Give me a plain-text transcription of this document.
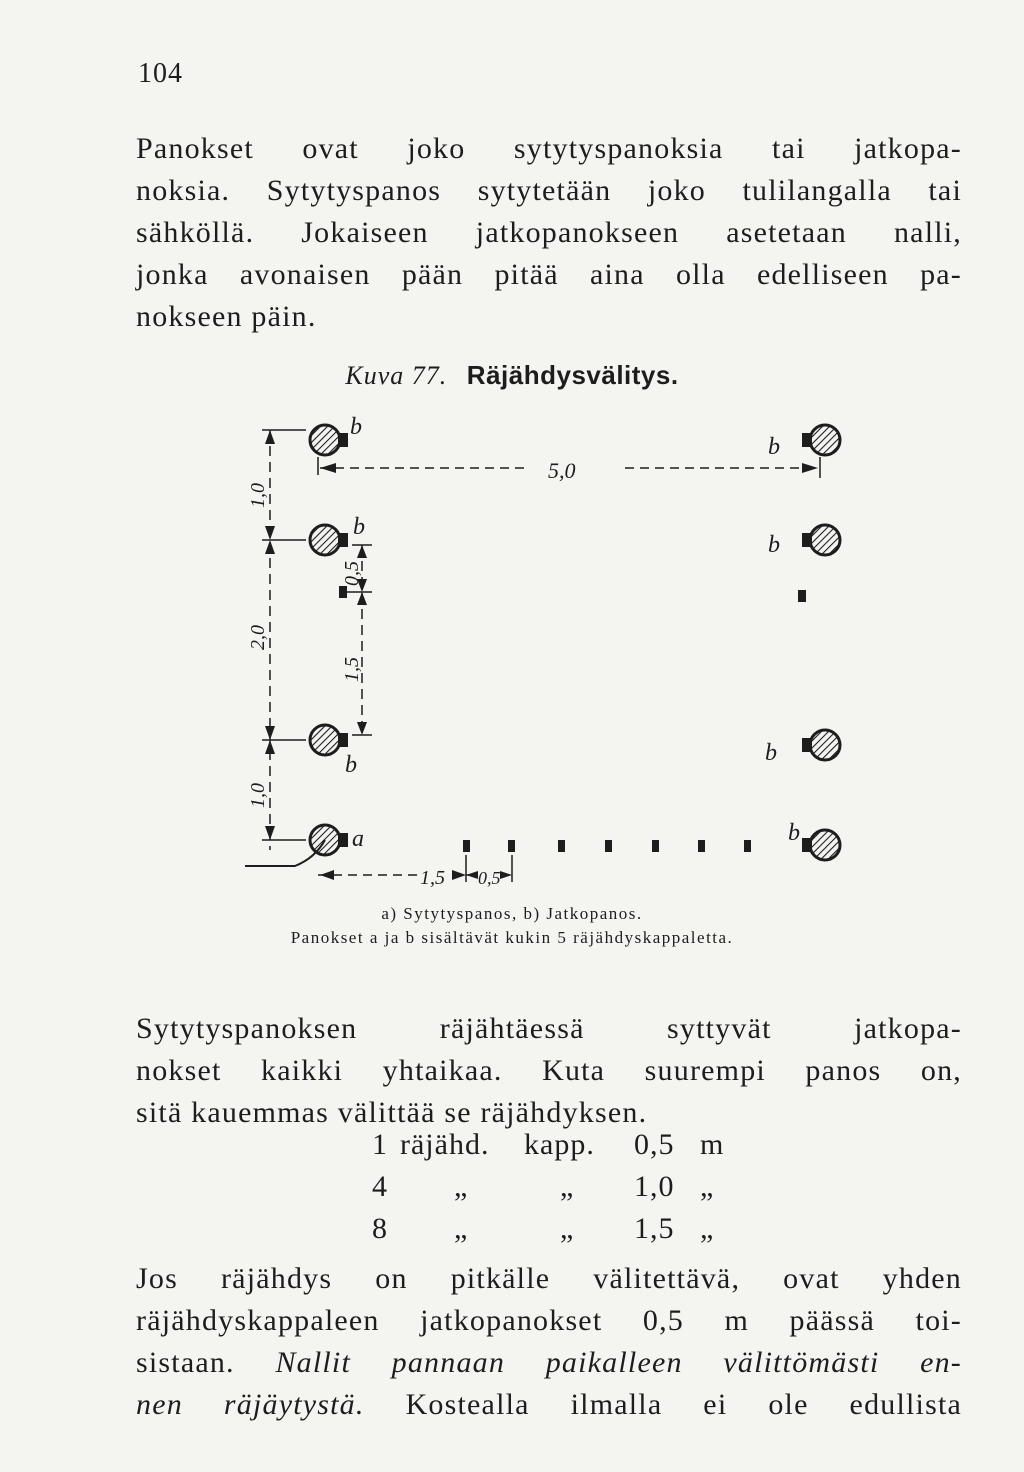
104

Panokset ovat joko sytytyspanoksia tai jatkopa-
noksia. Sytytyspanos sytytetään joko tulilangalla tai
sähköllä. Jokaiseen jatkopanokseen asetetaan nalli,
jonka avonaisen pään pitää aina olla edelliseen pa-
nokseen päin.

Kuva 77. Räjähdysvälitys.
b
b
b
a
b
b
b
b
5,0
1,0
2,0
1,0
0,5
1,5
1,5 0,5
a) Sytytyspanos, b) Jatkopanos.
Panokset a ja b sisältävät kukin 5 räjähdyskappaletta.

Sytytyspanoksen räjähtäessä syttyvät jatkopa-
nokset kaikki yhtaikaa. Kuta suurempi panos on,
sitä kauemmas välittää se räjähdyksen.

1 räjähd. kapp. 0,5 m
4 „	„ 1,0 „
8 „	„ 1,5 „

Jos räjähdys on pitkälle välitettävä, ovat yhden
räjähdyskappaleen jatkopanokset 0,5 m päässä toi-
sistaan. Nallit pannaan paikalleen välittömästi en-
nen räjäytystä. Kostealla ilmalla ei ole edullista
